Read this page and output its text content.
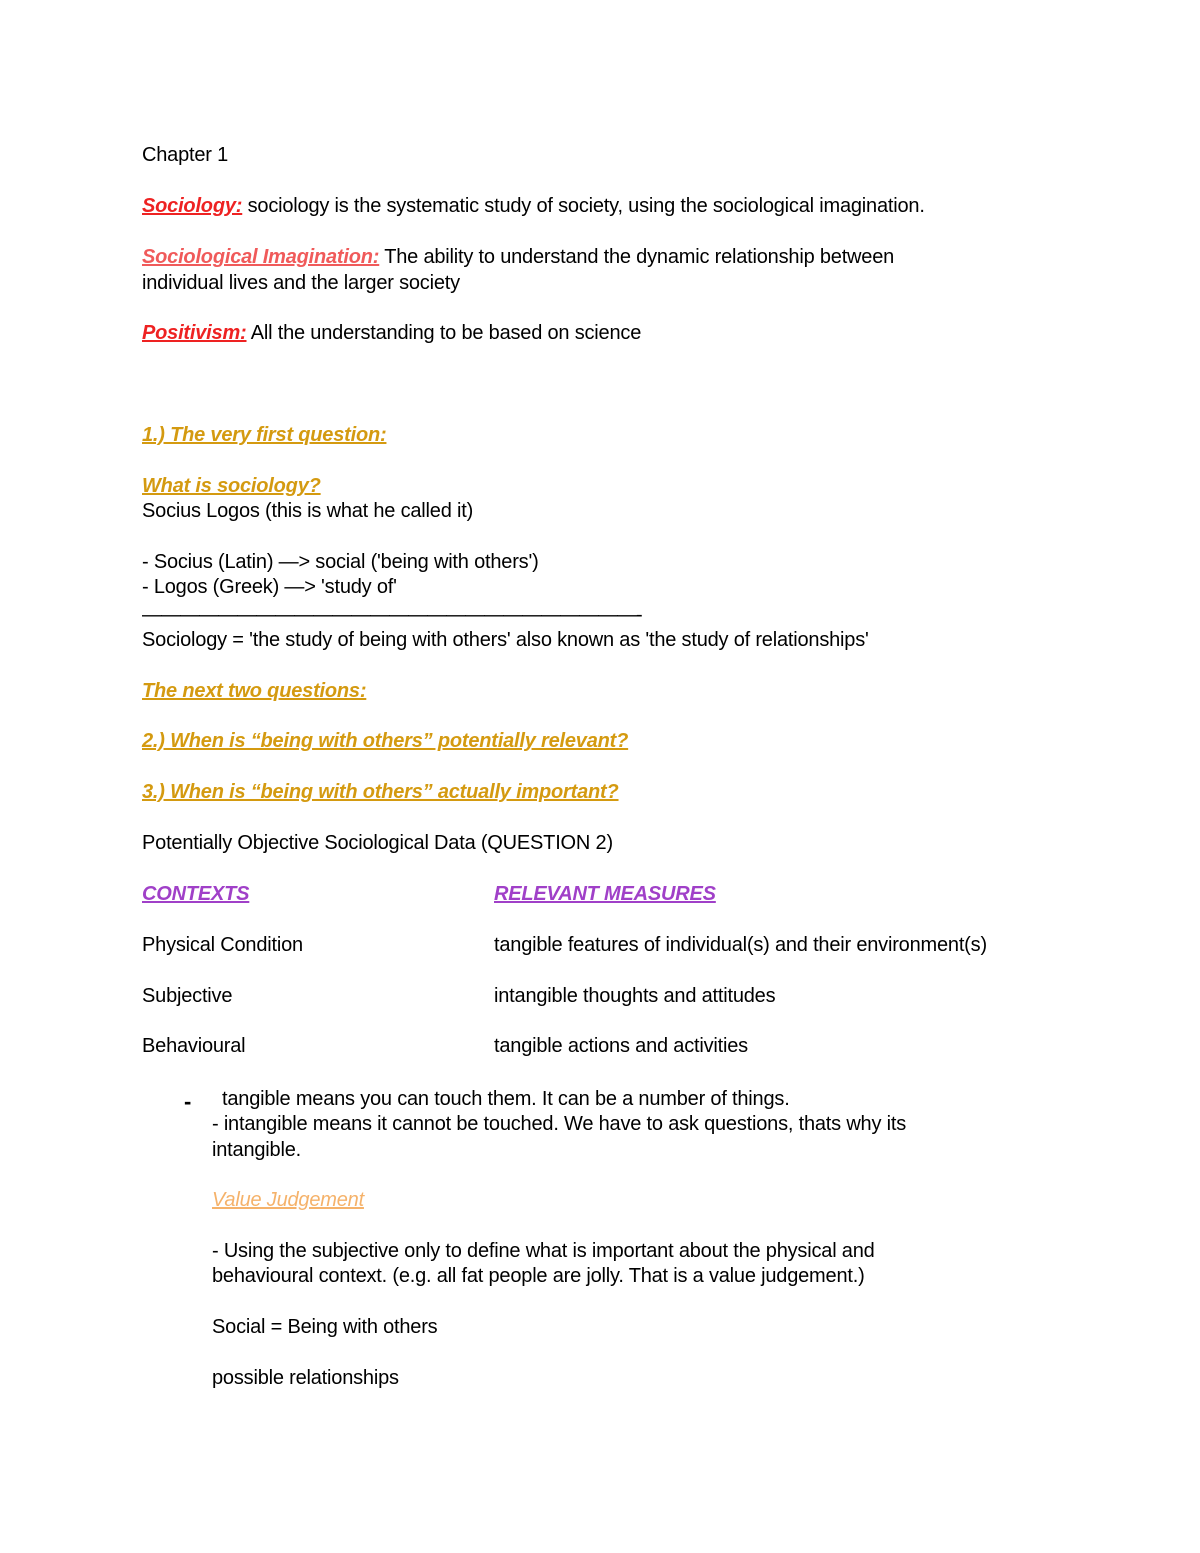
Chapter 1
Sociology: sociology is the systematic study of society, using the sociological imagination.
Sociological Imagination: The ability to understand the dynamic relationship between
individual lives and the larger society
Positivism: All the understanding to be based on science
1.) The very first question:
What is sociology?
Socius Logos (this is what he called it)
- Socius (Latin) —> social ('being with others')
- Logos (Greek) —> 'study of'
——————————————————————————-
Sociology = 'the study of being with others' also known as 'the study of relationships'
The next two questions:
2.) When is “being with others” potentially relevant?
3.) When is “being with others” actually important?
Potentially Objective Sociological Data (QUESTION 2)
CONTEXTS	RELEVANT MEASURES
Physical Condition	tangible features of individual(s) and their environment(s)
Subjective	intangible thoughts and attitudes
Behavioural	tangible actions and activities
- tangible means you can touch them. It can be a number of things.
- intangible means it cannot be touched. We have to ask questions, thats why its
intangible.
Value Judgement
- Using the subjective only to define what is important about the physical and
behavioural context. (e.g. all fat people are jolly. That is a value judgement.)
Social = Being with others
possible relationships
